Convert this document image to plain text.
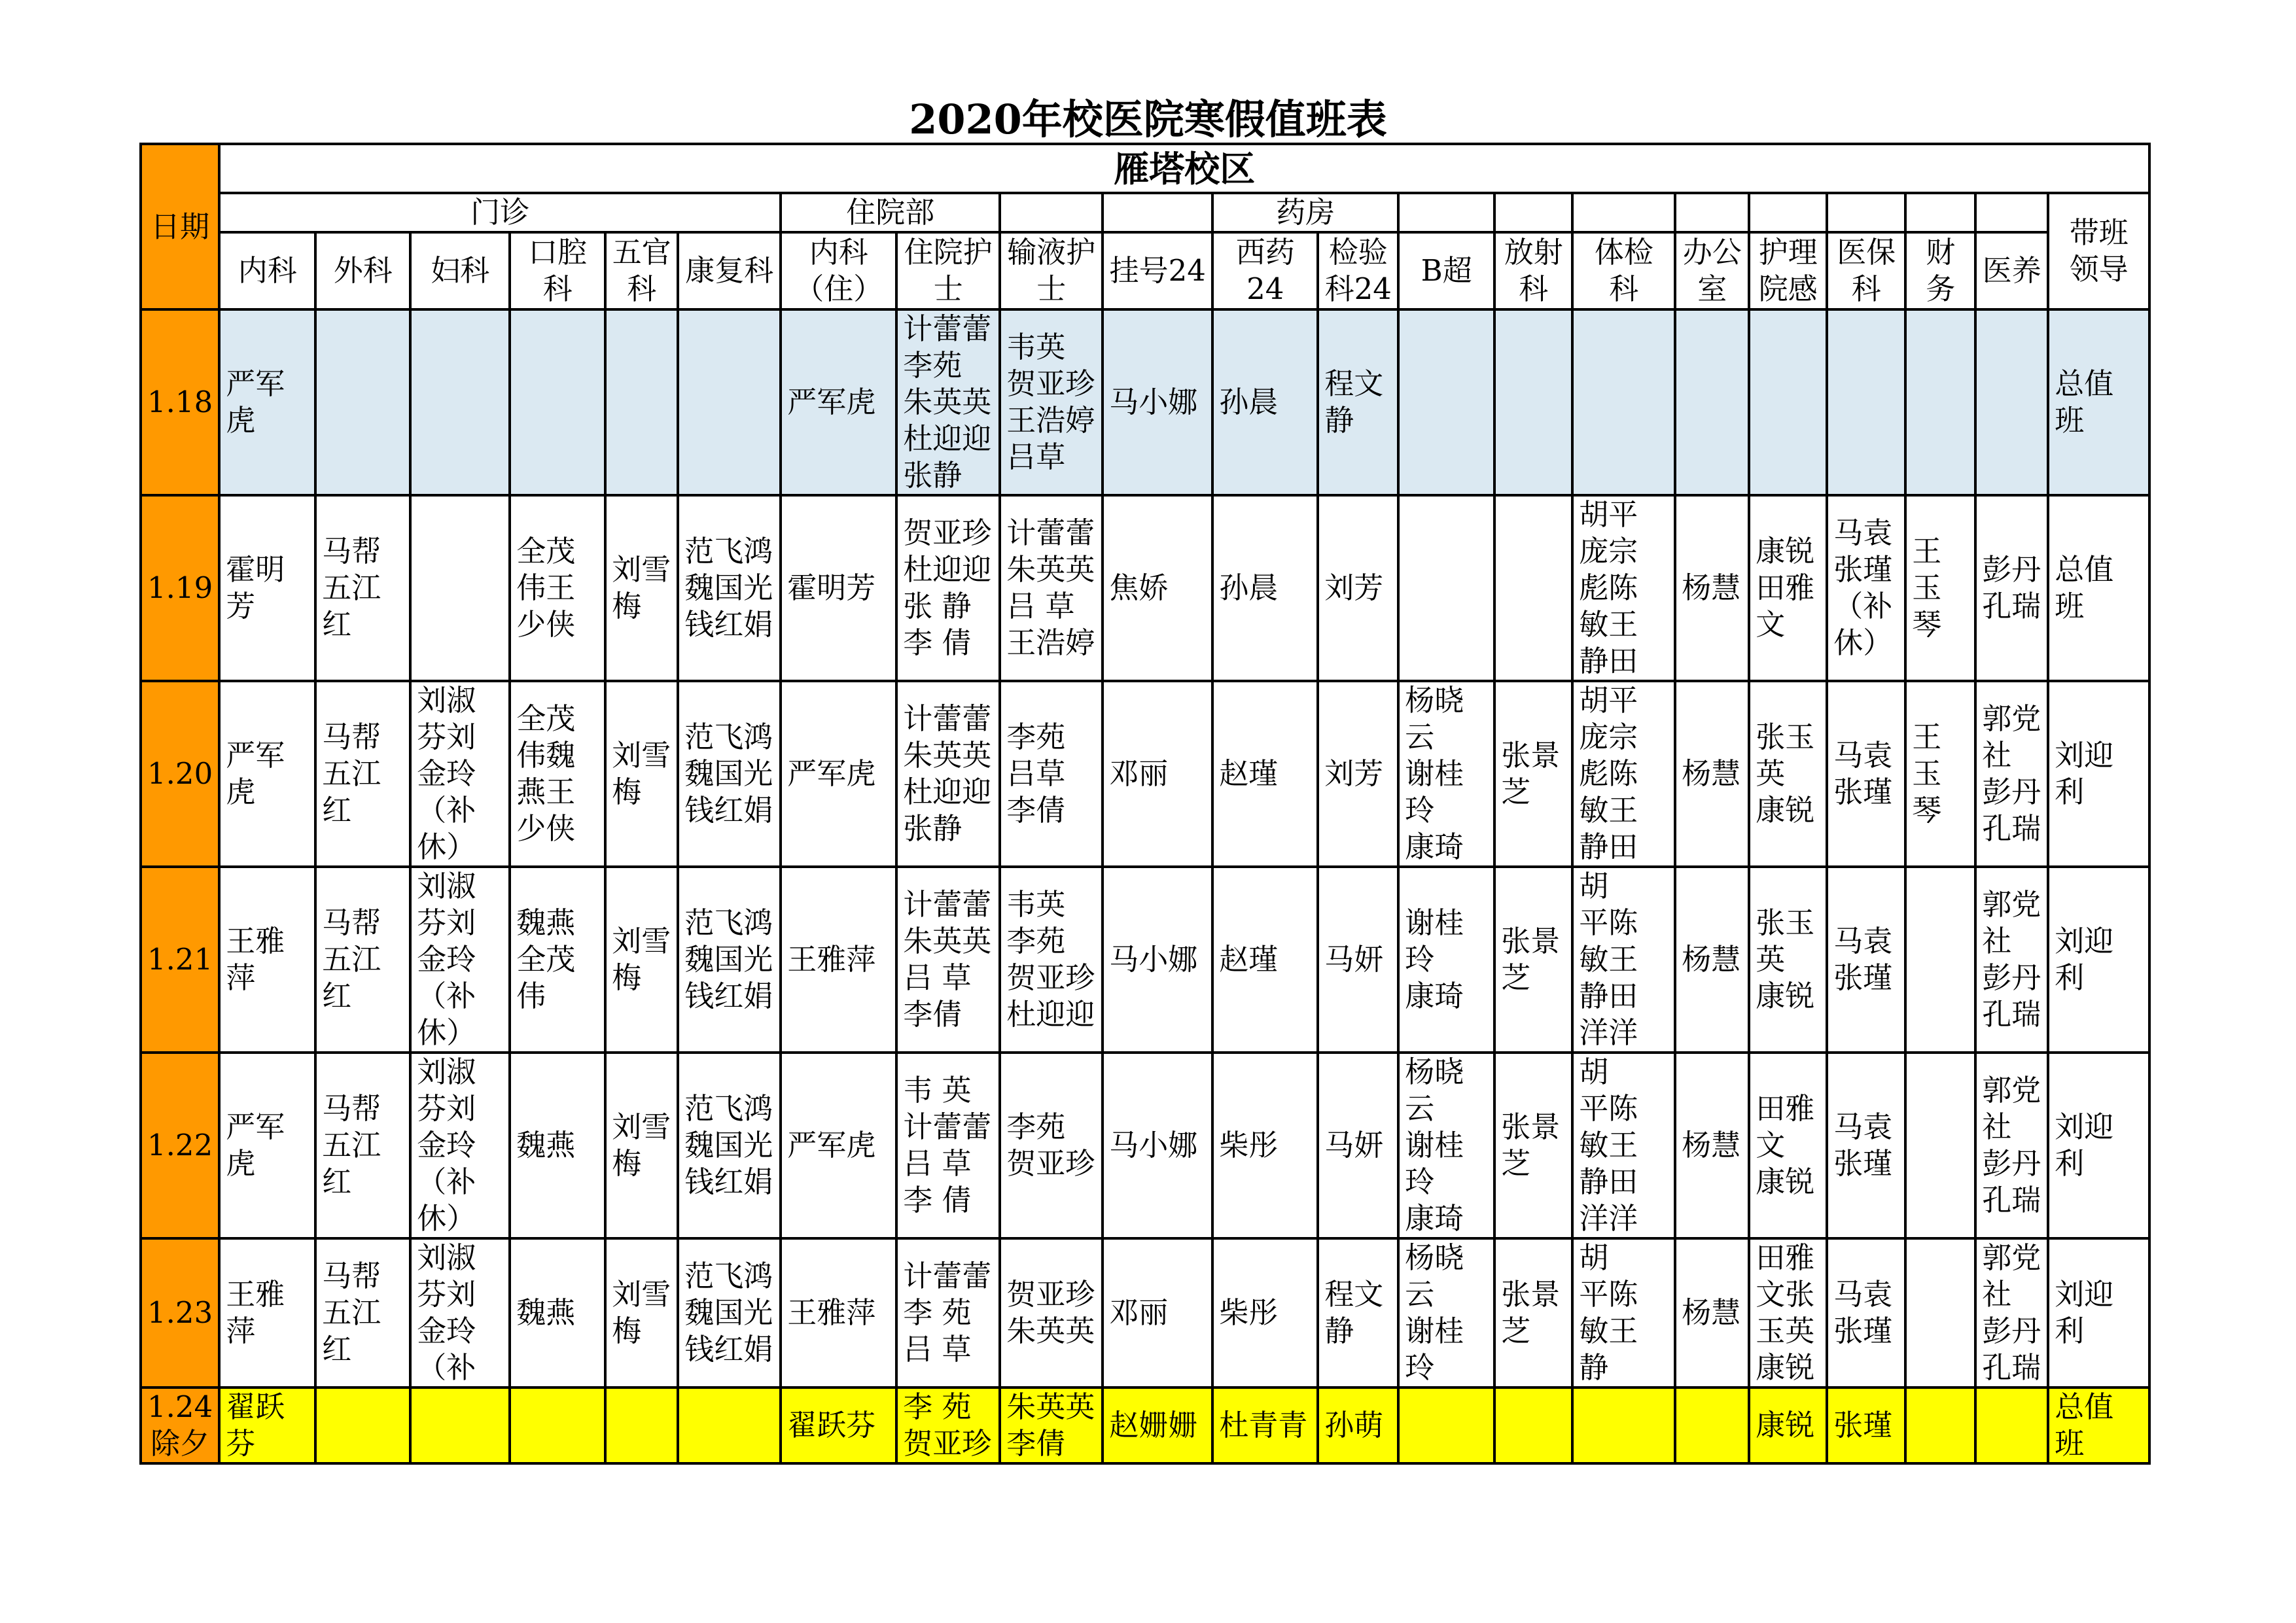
2020年校医院寒假值班表
日期	雁塔校区																				
	门诊						住院部				药房										带班
领导

	内科	外科	妇科	口腔
科	五官
科	康复科	内科
（住）	住院护
士	输液护
士	挂号24	西药24	检验
科24	B超	放射
科	体检
科	办公
室	护理
院感	医保
科	财
务	医养	

1.18	严军
虎						严军虎	计蕾蕾
李苑
朱英英
杜迎迎
张静	韦英
贺亚珍
王浩婷
吕草	马小娜	孙晨	程文
静									总值
班

1.19	霍明
芳	马帮
五江
红		全茂
伟王
少侠	刘雪
梅	范飞鸿
魏国光
钱红娟	霍明芳	贺亚珍
杜迎迎
张 静
李 倩	计蕾蕾
朱英英
吕 草
王浩婷	焦娇	孙晨	刘芳			胡平
庞宗
彪陈
敏王
静田	杨慧	康锐
田雅
文	马袁
张瑾
（补
休）	王
玉
琴	彭丹
孔瑞	总值
班

1.20	严军
虎	马帮
五江
红	刘淑
芬刘
金玲
（补
休）	全茂
伟魏
燕王
少侠	刘雪
梅	范飞鸿
魏国光
钱红娟	严军虎	计蕾蕾
朱英英
杜迎迎
张静	李苑
吕草
李倩	邓丽	赵瑾	刘芳	杨晓
云
谢桂
玲
康琦	张景
芝	胡平
庞宗
彪陈
敏王
静田	杨慧	张玉
英
康锐	马袁
张瑾	王
玉
琴	郭党
社
彭丹
孔瑞	刘迎
利

1.21	王雅
萍	马帮
五江
红	刘淑
芬刘
金玲
（补
休）	魏燕
全茂
伟	刘雪
梅	范飞鸿
魏国光
钱红娟	王雅萍	计蕾蕾
朱英英
吕 草
李倩	韦英
李苑
贺亚珍
杜迎迎	马小娜	赵瑾	马妍	谢桂
玲
康琦	张景
芝	胡
平陈
敏王
静田
洋洋	杨慧	张玉
英
康锐	马袁
张瑾		郭党
社
彭丹
孔瑞	刘迎
利

1.22	严军
虎	马帮
五江
红	刘淑
芬刘
金玲
（补
休）	魏燕	刘雪
梅	范飞鸿
魏国光
钱红娟	严军虎	韦 英
计蕾蕾
吕 草
李 倩	李苑
贺亚珍	马小娜	柴彤	马妍	杨晓
云
谢桂
玲
康琦	张景
芝	胡
平陈
敏王
静田
洋洋	杨慧	田雅
文
康锐	马袁
张瑾		郭党
社
彭丹
孔瑞	刘迎
利

1.23	王雅
萍	马帮
五江
红	刘淑
芬刘
金玲
（补	魏燕	刘雪
梅	范飞鸿
魏国光
钱红娟	王雅萍	计蕾蕾
李 苑
吕 草	贺亚珍
朱英英	邓丽	柴彤	程文
静	杨晓
云
谢桂
玲	张景
芝	胡
平陈
敏王
静	杨慧	田雅
文张
玉英
康锐	马袁
张瑾		郭党
社
彭丹
孔瑞	刘迎
利

1.24
除夕	翟跃
芬						翟跃芬	李 苑
贺亚珍	朱英英
李倩	赵姗姗	杜青青	孙萌					康锐	张瑾			总值
班
